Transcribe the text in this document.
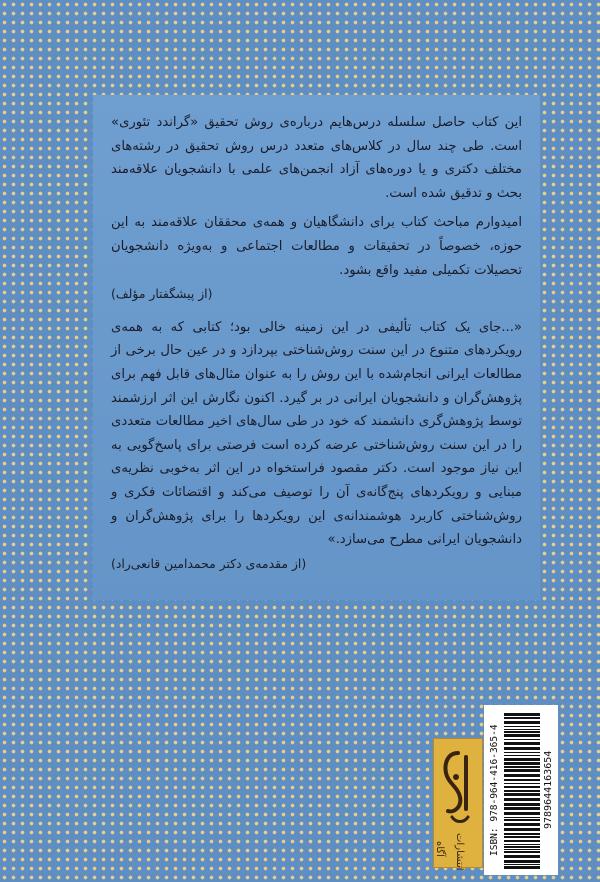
این کتاب حاصل سلسله درس‌هایم درباره‌ی روش تحقیق «گراندد تئوری» است. طی چند سال در کلاس‌های متعدد درس روش تحقیق در رشته‌های مختلف دکتری و یا دوره‌های آزاد انجمن‌های علمی با دانشجویان علاقه‌مند بحث و تدقیق شده است.

امیدوارم مباحث کتاب برای دانشگاهیان و همه‌ی محققان علاقه‌مند به این حوزه، خصوصاً در تحقیقات و مطالعات اجتماعی و به‌ویژه دانشجویان تحصیلات تکمیلی مفید واقع بشود.
(از پیشگفتار مؤلف)

«...جای یک کتاب تألیفی در این زمینه خالی بود؛ کتابی که به همه‌ی رویکردهای متنوع در این سنت روش‌شناختی بپردازد و در عین حال برخی از مطالعات ایرانی انجام‌شده با این روش را به عنوان مثال‌های قابل فهم برای پژوهش‌گران و دانشجویان ایرانی در بر گیرد. اکنون نگارش این اثر ارزشمند توسط پژوهش‌گری دانشمند که خود در طی سال‌های اخیر مطالعات متعددی را در این سنت روش‌شناختی عرضه کرده است فرصتی برای پاسخ‌گویی به این نیاز موجود است. دکتر مقصود فراستخواه در این اثر به‌خوبی نظریه‌ی مبنایی و رویکردهای پنج‌گانه‌ی آن را توصیف می‌کند و اقتضائات فکری و روش‌شناختی کاربرد هوشمندانه‌ی این رویکردها را برای پژوهش‌گران و دانشجویان ایرانی مطرح می‌سازد.»
(از مقدمه‌ی دکتر محمدامین قانعی‌راد)

انتشارات آگاه	ISBN: 978-964-416-365-4	9789644163654
